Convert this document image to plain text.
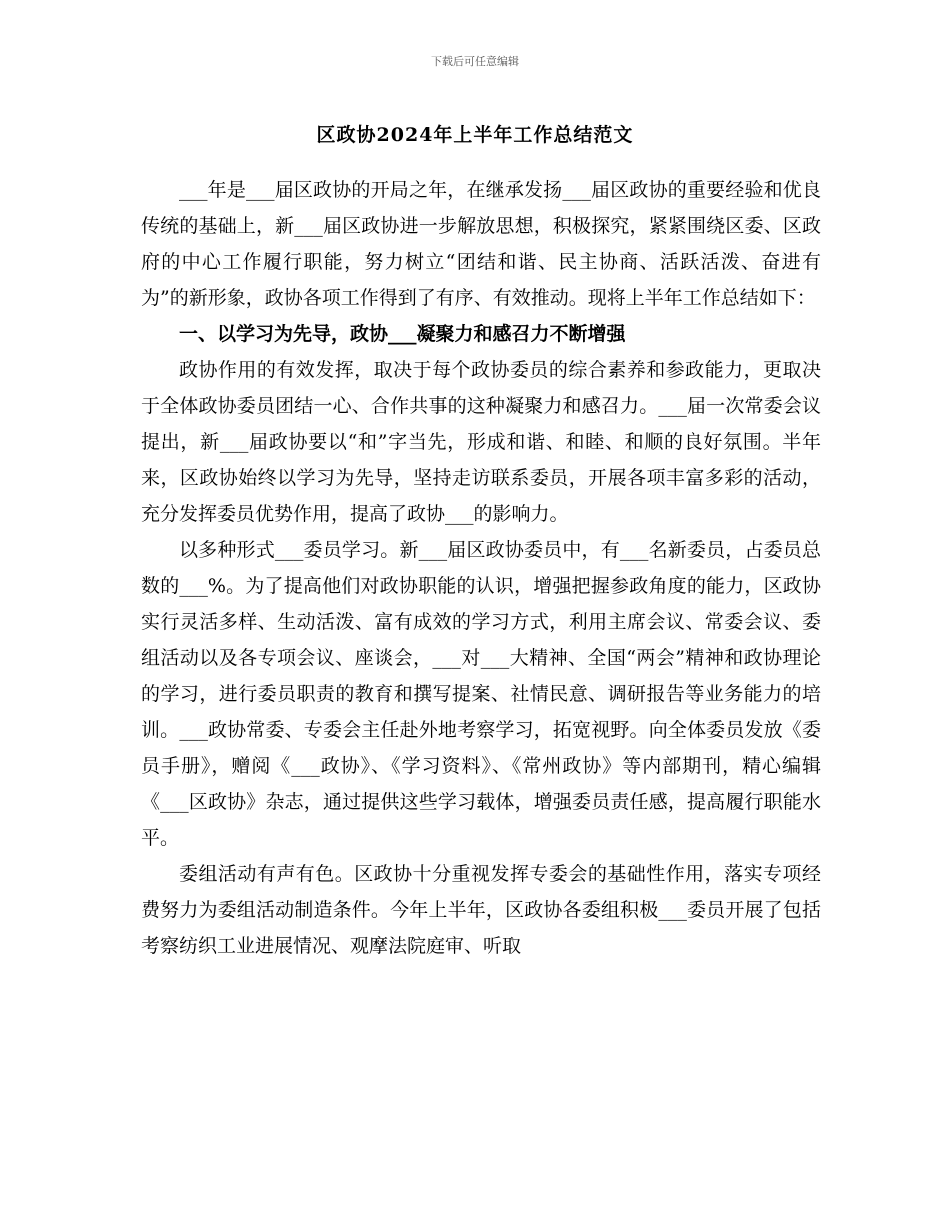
下载后可任意编辑
区政协2024年上半年工作总结范文

___年是___届区政协的开局之年，在继承发扬___届区政协的重要经验和优良传统的基础上，新___届区政协进一步解放思想，积极探究，紧紧围绕区委、区政府的中心工作履行职能，努力树立“团结和谐、民主协商、活跃活泼、奋进有为”的新形象，政协各项工作得到了有序、有效推动。现将上半年工作总结如下：

一、以学习为先导，政协___凝聚力和感召力不断增强

政协作用的有效发挥，取决于每个政协委员的综合素养和参政能力，更取决于全体政协委员团结一心、合作共事的这种凝聚力和感召力。___届一次常委会议提出，新___届政协要以“和”字当先，形成和谐、和睦、和顺的良好氛围。半年来，区政协始终以学习为先导，坚持走访联系委员，开展各项丰富多彩的活动，充分发挥委员优势作用，提高了政协___的影响力。

以多种形式___委员学习。新___届区政协委员中，有___名新委员，占委员总数的___%。为了提高他们对政协职能的认识，增强把握参政角度的能力，区政协实行灵活多样、生动活泼、富有成效的学习方式，利用主席会议、常委会议、委组活动以及各专项会议、座谈会，___对___大精神、全国“两会”精神和政协理论的学习，进行委员职责的教育和撰写提案、社情民意、调研报告等业务能力的培训。___政协常委、专委会主任赴外地考察学习，拓宽视野。向全体委员发放《委员手册》，赠阅《___政协》、《学习资料》、《常州政协》等内部期刊，精心编辑《___区政协》杂志，通过提供这些学习载体，增强委员责任感，提高履行职能水平。

委组活动有声有色。区政协十分重视发挥专委会的基础性作用，落实专项经费努力为委组活动制造条件。今年上半年，区政协各委组积极___委员开展了包括考察纺织工业进展情况、观摩法院庭审、听取
